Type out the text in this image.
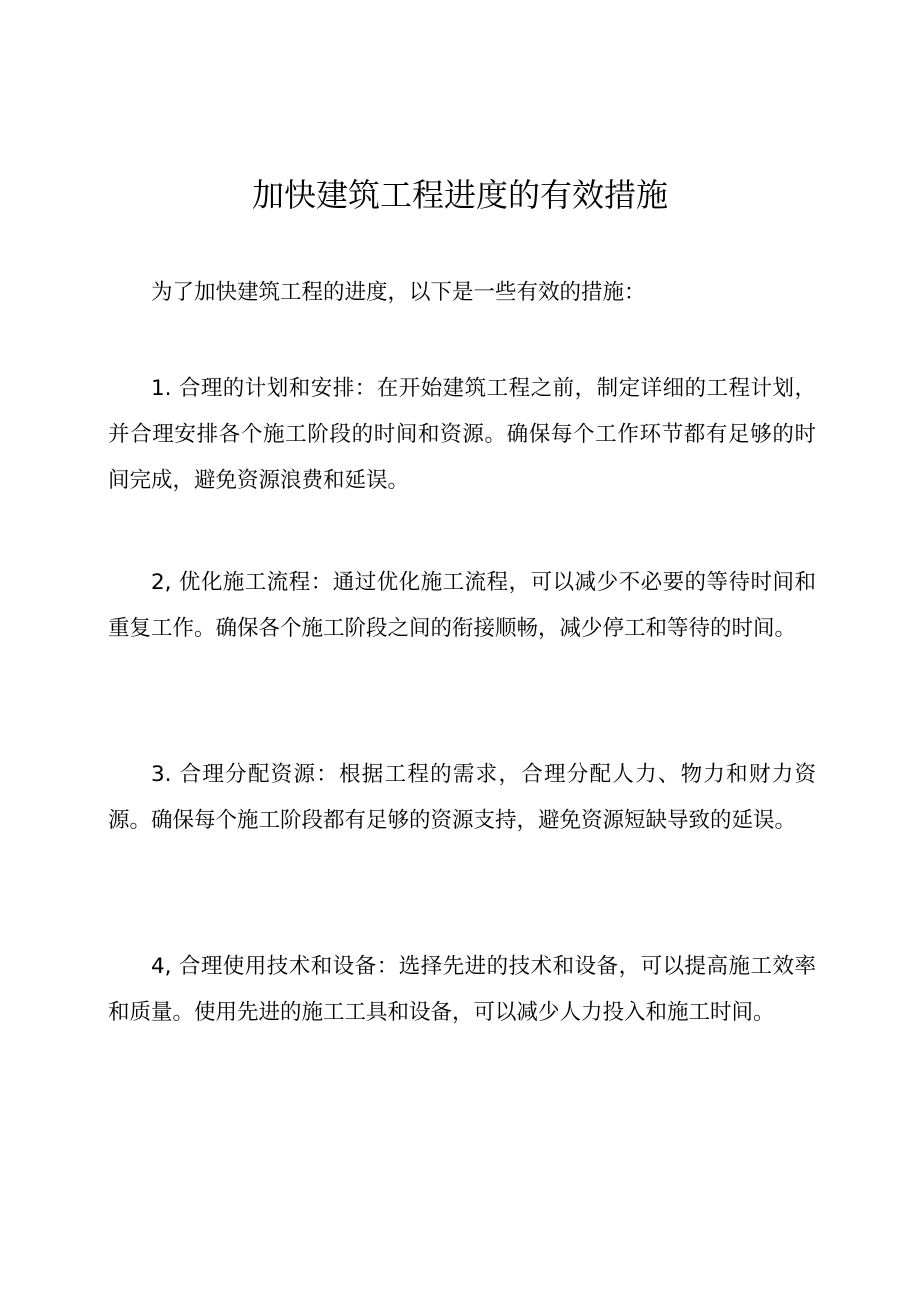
加快建筑工程进度的有效措施

为了加快建筑工程的进度，以下是一些有效的措施：

1. 合理的计划和安排：在开始建筑工程之前，制定详细的工程计划，并合理安排各个施工阶段的时间和资源。确保每个工作环节都有足够的时间完成，避免资源浪费和延误。

2, 优化施工流程：通过优化施工流程，可以减少不必要的等待时间和重复工作。确保各个施工阶段之间的衔接顺畅，减少停工和等待的时间。

3. 合理分配资源：根据工程的需求，合理分配人力、物力和财力资源。确保每个施工阶段都有足够的资源支持，避免资源短缺导致的延误。

4, 合理使用技术和设备：选择先进的技术和设备，可以提高施工效率和质量。使用先进的施工工具和设备，可以减少人力投入和施工时间。
